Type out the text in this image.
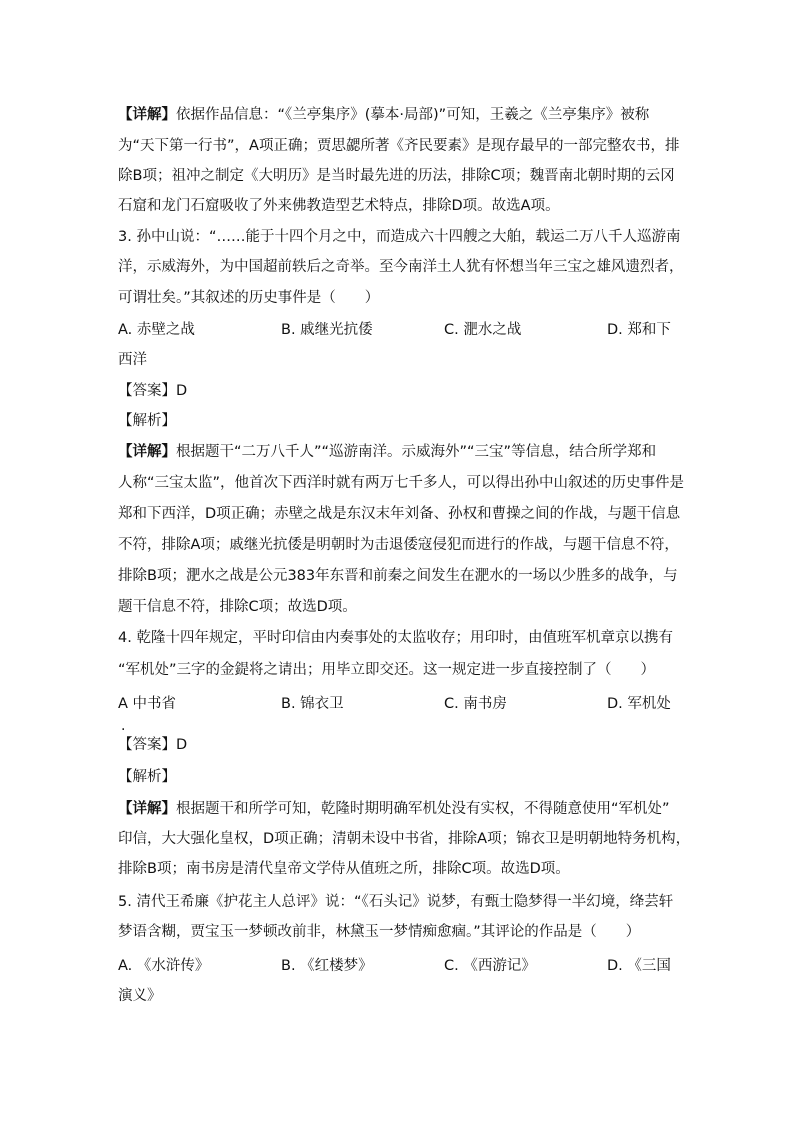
【详解】依据作品信息：“《兰亭集序》(摹本·局部)”可知，王羲之《兰亭集序》被称
为“天下第一行书”，A项正确；贾思勰所著《齐民要素》是现存最早的一部完整农书，排
除B项；祖冲之制定《大明历》是当时最先进的历法，排除C项；魏晋南北朝时期的云冈
石窟和龙门石窟吸收了外来佛教造型艺术特点，排除D项。故选A项。
3. 孙中山说：“……能于十四个月之中，而造成六十四艘之大舶，载运二万八千人巡游南
洋，示威海外，为中国超前轶后之奇举。至今南洋土人犹有怀想当年三宝之雄风遗烈者，
可谓壮矣。”其叙述的历史事件是（　　）
A. 赤壁之战	B. 戚继光抗倭	C. 淝水之战	D. 郑和下
西洋
【答案】D
【解析】
【详解】根据题干“二万八千人”“巡游南洋。示威海外”“三宝”等信息，结合所学郑和
人称“三宝太监”，他首次下西洋时就有两万七千多人，可以得出孙中山叙述的历史事件是
郑和下西洋，D项正确；赤壁之战是东汉末年刘备、孙权和曹操之间的作战，与题干信息
不符，排除A项；戚继光抗倭是明朝时为击退倭寇侵犯而进行的作战，与题干信息不符，
排除B项；淝水之战是公元383年东晋和前秦之间发生在淝水的一场以少胜多的战争，与
题干信息不符，排除C项；故选D项。
4. 乾隆十四年规定，平时印信由内奏事处的太监收存；用印时，由值班军机章京以携有
“军机处”三字的金鍉将之请出；用毕立即交还。这一规定进一步直接控制了（　　）
A 中书省
·
B. 锦衣卫	C. 南书房	D. 军机处
【答案】D
【解析】
【详解】根据题干和所学可知，乾隆时期明确军机处没有实权，不得随意使用“军机处”
印信，大大强化皇权，D项正确；清朝未设中书省，排除A项；锦衣卫是明朝地特务机构，
排除B项；南书房是清代皇帝文学侍从值班之所，排除C项。故选D项。
5. 清代王希廉《护花主人总评》说：“《石头记》说梦，有甄士隐梦得一半幻境，绛芸轩
梦语含糊，贾宝玉一梦顿改前非，林黛玉一梦情痴愈痼。”其评论的作品是（　　）
A. 《水浒传》	B. 《红楼梦》	C. 《西游记》	D. 《三国
演义》
